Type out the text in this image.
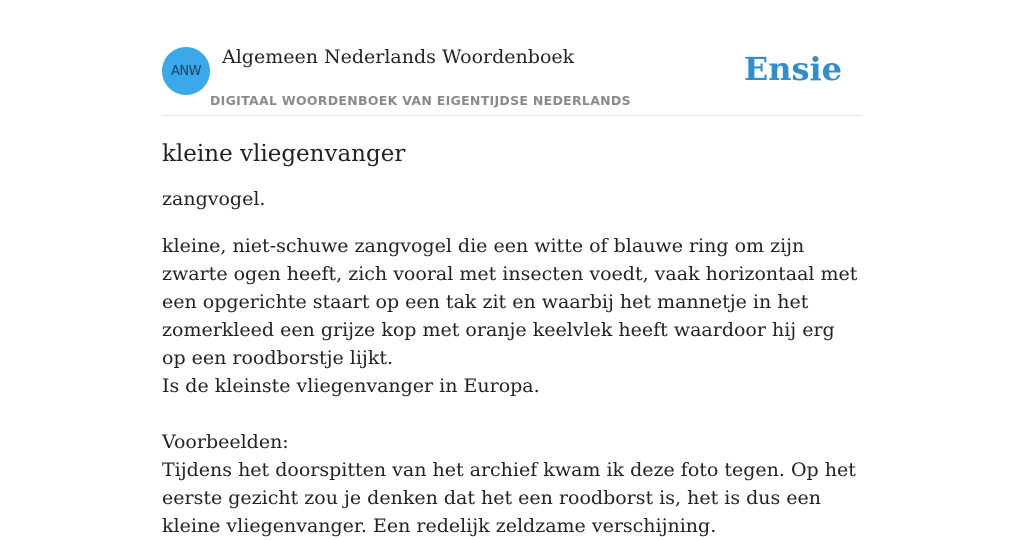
ANW
Algemeen Nederlands Woordenboek
DIGITAAL WOORDENBOEK VAN EIGENTIJDSE NEDERLANDS
Ensie
kleine vliegenvanger

zangvogel.

kleine, niet-schuwe zangvogel die een witte of blauwe ring om zijn zwarte ogen heeft, zich vooral met insecten voedt, vaak horizontaal met een opgerichte staart op een tak zit en waarbij het mannetje in het zomerkleed een grijze kop met oranje keelvlek heeft waardoor hij erg op een roodborstje lijkt.
Is de kleinste vliegenvanger in Europa.
Voorbeelden:
Tijdens het doorspitten van het archief kwam ik deze foto tegen. Op het eerste gezicht zou je denken dat het een roodborst is, het is dus een kleine vliegenvanger. Een redelijk zeldzame verschijning.
